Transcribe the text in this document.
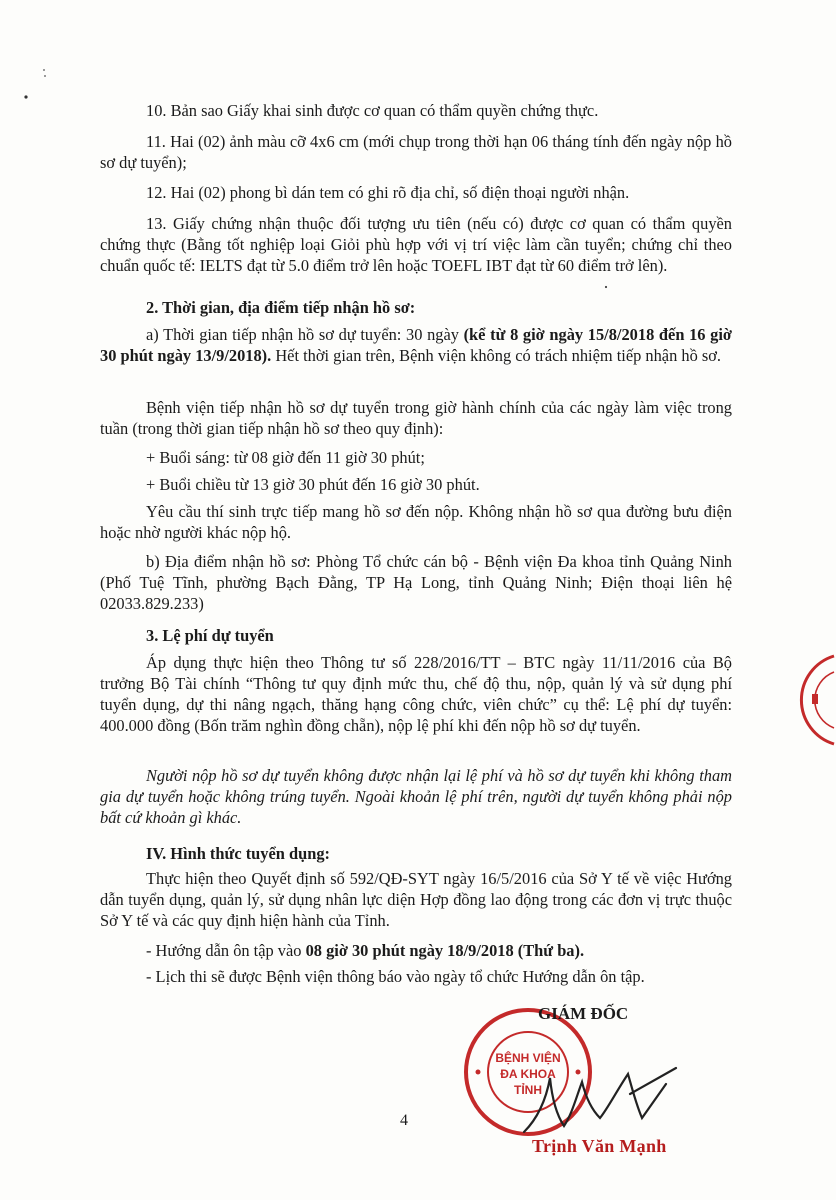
10. Bản sao Giấy khai sinh được cơ quan có thẩm quyền chứng thực.
11. Hai (02) ảnh màu cỡ 4x6 cm (mới chụp trong thời hạn 06 tháng tính đến ngày nộp hồ sơ dự tuyển);
12. Hai (02) phong bì dán tem có ghi rõ địa chỉ, số điện thoại người nhận.
13. Giấy chứng nhận thuộc đối tượng ưu tiên (nếu có) được cơ quan có thẩm quyền chứng thực (Bằng tốt nghiệp loại Giỏi phù hợp với vị trí việc làm cần tuyển; chứng chỉ theo chuẩn quốc tế: IELTS đạt từ 5.0 điểm trở lên hoặc TOEFL IBT đạt từ 60 điểm trở lên).
2. Thời gian, địa điểm tiếp nhận hồ sơ:
a) Thời gian tiếp nhận hồ sơ dự tuyển: 30 ngày (kể từ 8 giờ ngày 15/8/2018 đến 16 giờ 30 phút ngày 13/9/2018). Hết thời gian trên, Bệnh viện không có trách nhiệm tiếp nhận hồ sơ.
Bệnh viện tiếp nhận hồ sơ dự tuyển trong giờ hành chính của các ngày làm việc trong tuần (trong thời gian tiếp nhận hồ sơ theo quy định):
+ Buổi sáng: từ 08 giờ đến 11 giờ 30 phút;
+ Buổi chiều từ 13 giờ 30 phút đến 16 giờ 30 phút.
Yêu cầu thí sinh trực tiếp mang hồ sơ đến nộp. Không nhận hồ sơ qua đường bưu điện hoặc nhờ người khác nộp hộ.
b) Địa điểm nhận hồ sơ: Phòng Tổ chức cán bộ - Bệnh viện Đa khoa tỉnh Quảng Ninh (Phố Tuệ Tĩnh, phường Bạch Đằng, TP Hạ Long, tỉnh Quảng Ninh; Điện thoại liên hệ 02033.829.233)
3. Lệ phí dự tuyển
Áp dụng thực hiện theo Thông tư số 228/2016/TT – BTC ngày 11/11/2016 của Bộ trưởng Bộ Tài chính “Thông tư quy định mức thu, chế độ thu, nộp, quản lý và sử dụng phí tuyển dụng, dự thi nâng ngạch, thăng hạng công chức, viên chức” cụ thể: Lệ phí dự tuyển: 400.000 đồng (Bốn trăm nghìn đồng chẵn), nộp lệ phí khi đến nộp hồ sơ dự tuyển.
Người nộp hồ sơ dự tuyển không được nhận lại lệ phí và hồ sơ dự tuyển khi không tham gia dự tuyển hoặc không trúng tuyển. Ngoài khoản lệ phí trên, người dự tuyển không phải nộp bất cứ khoản gì khác.
IV. Hình thức tuyển dụng:
Thực hiện theo Quyết định số 592/QĐ-SYT ngày 16/5/2016 của Sở Y tế về việc Hướng dẫn tuyển dụng, quản lý, sử dụng nhân lực diện Hợp đồng lao động trong các đơn vị trực thuộc Sở Y tế và các quy định hiện hành của Tỉnh.
- Hướng dẫn ôn tập vào 08 giờ 30 phút ngày 18/9/2018 (Thứ ba).
- Lịch thi sẽ được Bệnh viện thông báo vào ngày tổ chức Hướng dẫn ôn tập.
BỆNH VIỆN
ĐA KHOA
TỈNH
GIÁM ĐỐC
4
Trịnh Văn Mạnh
